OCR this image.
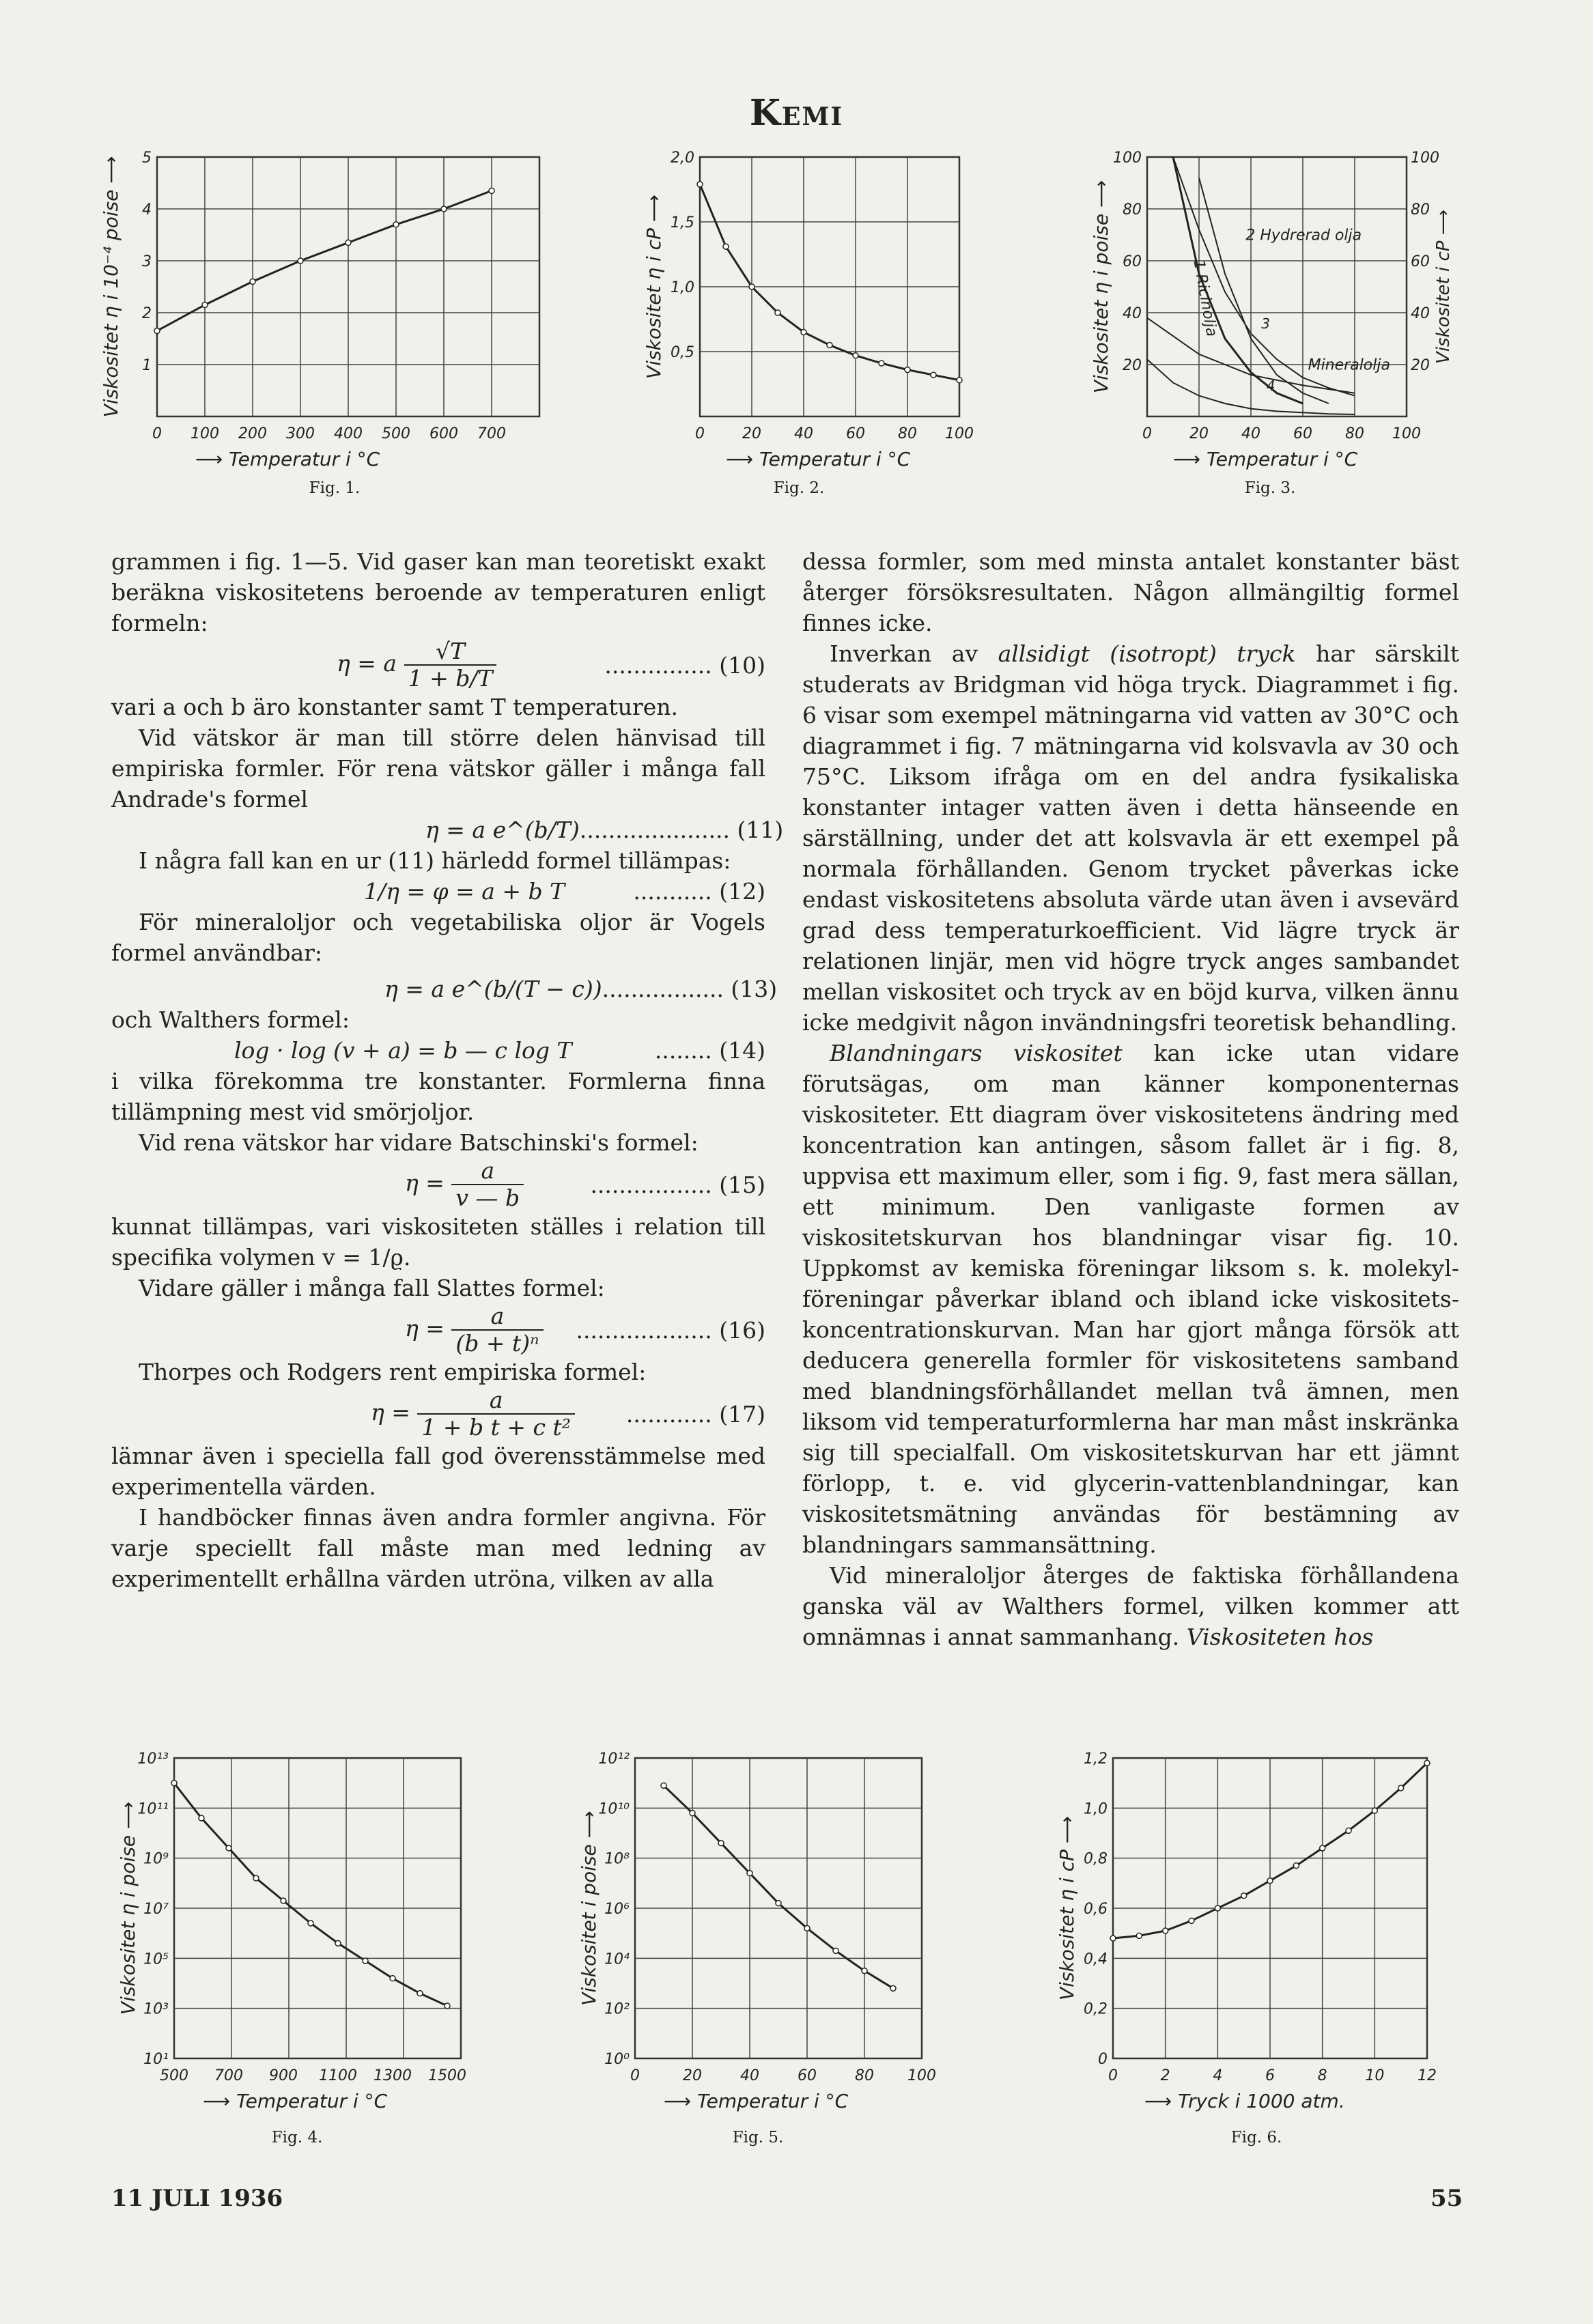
Kemi
0 100 200 300 400 500 600 700
1
2
3
4
5
⟶ Temperatur i °C
Viskositet η i 10⁻⁴ poise ⟶
Fig. 1.
0	20 40 60 80 100
0,5
1,0
1,5
2,0
⟶ Temperatur i °C
Viskositet η i cP ⟶
Fig. 2.
0	20 40 60 80 100
20
40
60
80
100
⟶ Temperatur i °C
Viskositet η i poise ⟶	Viskositet i cP ⟶
20
40
60
80
100
1 Ricinolja
2 Hydrerad olja
3
4
Mineralolja
Fig. 3.
500 700 900 1100 1300 1500
10¹
10³
10⁵
10⁷
10⁹
10¹¹
10¹³
⟶ Temperatur i °C
Viskositet η i poise ⟶
Fig. 4.
0	20	40	60	80 100
10⁰
10²
10⁴
10⁶
10⁸
10¹⁰
10¹²
⟶ Temperatur i °C
Viskositet i poise ⟶
Fig. 5.
0	2	4	6	8	10 12
0
0,2
0,4
0,6
0,8
1,0
1,2
⟶ Tryck i 1000 atm.
Viskositet η i cP ⟶
Fig. 6.

grammen i fig. 1—5. Vid gaser kan man teoretiskt exakt beräkna viskositetens beroende av temperaturen enligt formeln:

η = a $\frac{√T}{1 + b/T}$	............... (10)

vari a och b äro konstanter samt T temperaturen.

Vid vätskor är man till större delen hänvisad till empiriska formler. För rena vätskor gäller i många fall Andrade's formel

η = a e^(b/T) ..................... (11)

I några fall kan en ur (11) härledd formel tillämpas:

1/η = φ = a + b T	........... (12)

För mineraloljor och vegetabiliska oljor är Vogels formel användbar:

η = a e^(b/(T − c)) ................. (13)

och Walthers formel:

log · log (v + a) = b — c log T	........ (14)

i vilka förekomma tre konstanter. Formlerna finna tillämpning mest vid smörjoljor.

Vid rena vätskor har vidare Batschinski's formel:

$\eta = \frac{a}{v — b}$	................. (15)

kunnat tillämpas, vari viskositeten ställes i relation till specifika volymen v = 1/ϱ.

Vidare gäller i många fall Slattes formel:

$\eta = \frac{a}{\text{(b + t)ⁿ}}$ ................... (16)

Thorpes och Rodgers rent empiriska formel:

$\eta = \frac{a}{\text{1 + b t + c t²}}$ ............ (17)

lämnar även i speciella fall god överensstämmelse med experimentella värden.

I handböcker finnas även andra formler angivna. För varje speciellt fall måste man med ledning av experimentellt erhållna värden utröna, vilken av alla

dessa formler, som med minsta antalet konstanter bäst återger försöksresultaten. Någon allmängiltig formel finnes icke.

Inverkan av allsidigt (isotropt) tryck har särskilt studerats av Bridgman vid höga tryck. Diagrammet i fig. 6 visar som exempel mätningarna vid vatten av 30°C och diagrammet i fig. 7 mätningarna vid kolsvavla av 30 och 75°C. Liksom ifråga om en del andra fysikaliska konstanter intager vatten även i detta hänseende en särställning, under det att kolsvavla är ett exempel på normala förhållanden. Genom trycket påverkas icke endast viskositetens absoluta värde utan även i avsevärd grad dess temperaturkoefficient. Vid lägre tryck är relationen linjär, men vid högre tryck anges sambandet mellan viskositet och tryck av en böjd kurva, vilken ännu icke medgivit någon invändningsfri teoretisk behandling.

Blandningars viskositet kan icke utan vidare förutsägas, om man känner komponenternas viskositeter. Ett diagram över viskositetens ändring med koncentration kan antingen, såsom fallet är i fig. 8, uppvisa ett maximum eller, som i fig. 9, fast mera sällan, ett minimum. Den vanligaste formen av viskositetskurvan hos blandningar visar fig. 10. Uppkomst av kemiska föreningar liksom s. k. molekyl-föreningar påverkar ibland och ibland icke viskositets-koncentrationskurvan. Man har gjort många försök att deducera generella formler för viskositetens samband med blandningsförhållandet mellan två ämnen, men liksom vid temperaturformlerna har man måst inskränka sig till specialfall. Om viskositetskurvan har ett jämnt förlopp, t. e. vid glycerin-vattenblandningar, kan viskositetsmätning användas för bestämning av blandningars sammansättning.

Vid mineraloljor återges de faktiska förhållandena ganska väl av Walthers formel, vilken kommer att omnämnas i annat sammanhang. Viskositeten hos

11 JULI 1936	55
